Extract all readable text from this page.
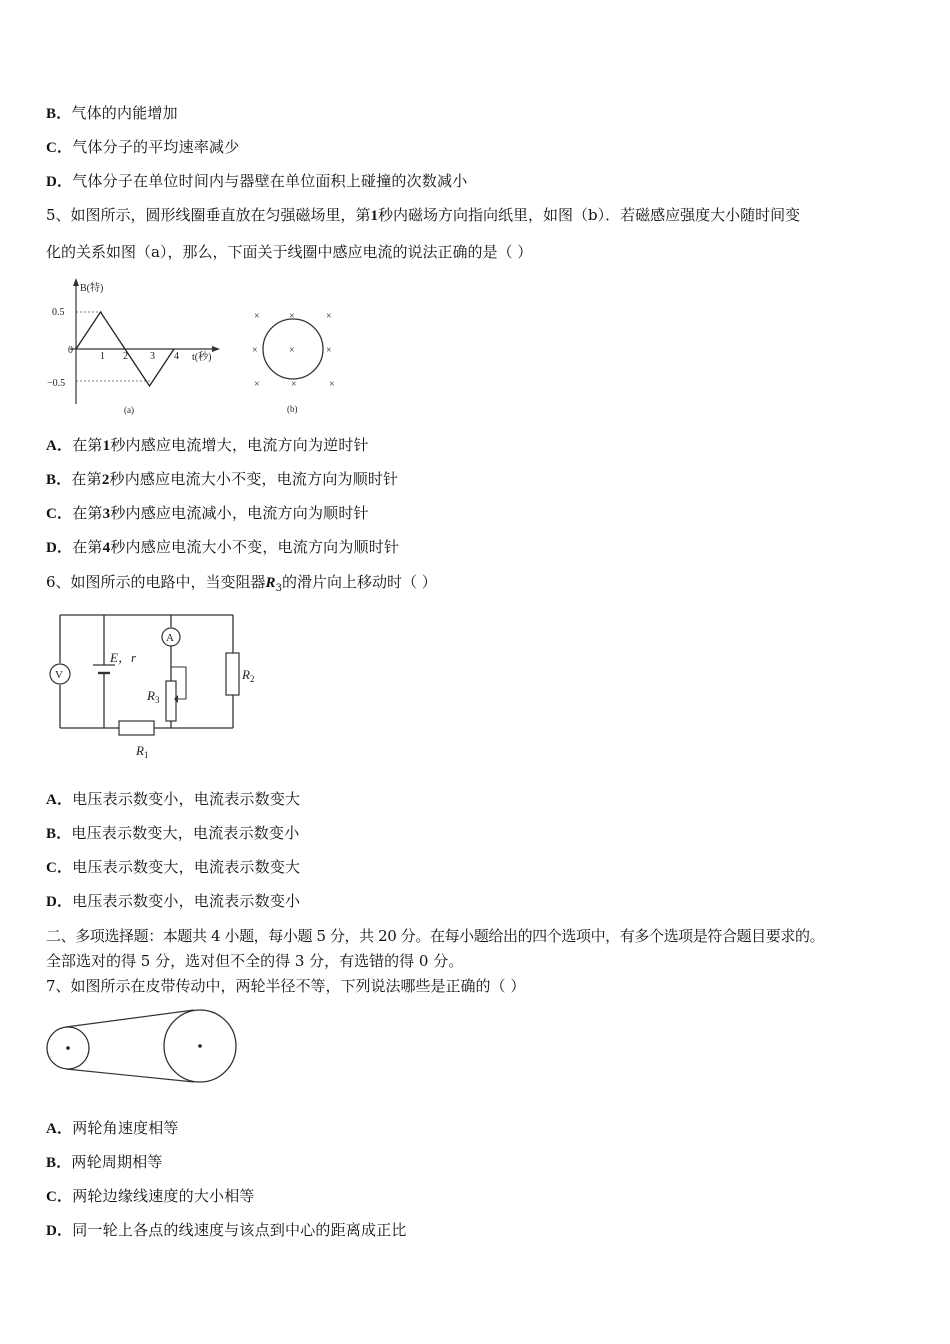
B．气体的内能增加
C．气体分子的平均速率减少
D．气体分子在单位时间内与器壁在单位面积上碰撞的次数减小
5、如图所示，圆形线圈垂直放在匀强磁场里，第1秒内磁场方向指向纸里，如图（b）．若磁感应强度大小随时间变
化的关系如图（a），那么，下面关于线圈中感应电流的说法正确的是（ ）
B(特)
t(秒)
0.5
0
−0.5
1 2 3 4
(a)
×	×	×
×	×	×
×	×	×
(b)
A．在第1秒内感应电流增大，电流方向为逆时针
B．在第2秒内感应电流大小不变，电流方向为顺时针
C．在第3秒内感应电流减小，电流方向为顺时针
D．在第4秒内感应电流大小不变，电流方向为顺时针
6、如图所示的电路中，当变阻器$R_3$的滑片向上移动时（ ）
V
E，r
A
$R_3$
$R_1$
$R_2$
A．电压表示数变小，电流表示数变大
B．电压表示数变大，电流表示数变小
C．电压表示数变大，电流表示数变大
D．电压表示数变小，电流表示数变小
二、多项选择题：本题共 4 小题，每小题 5 分，共 20 分。在每小题给出的四个选项中，有多个选项是符合题目要求的。
全部选对的得 5 分，选对但不全的得 3 分，有选错的得 0 分。
7、如图所示在皮带传动中，两轮半径不等，下列说法哪些是正确的（ ）
A．两轮角速度相等
B．两轮周期相等
C．两轮边缘线速度的大小相等
D．同一轮上各点的线速度与该点到中心的距离成正比
